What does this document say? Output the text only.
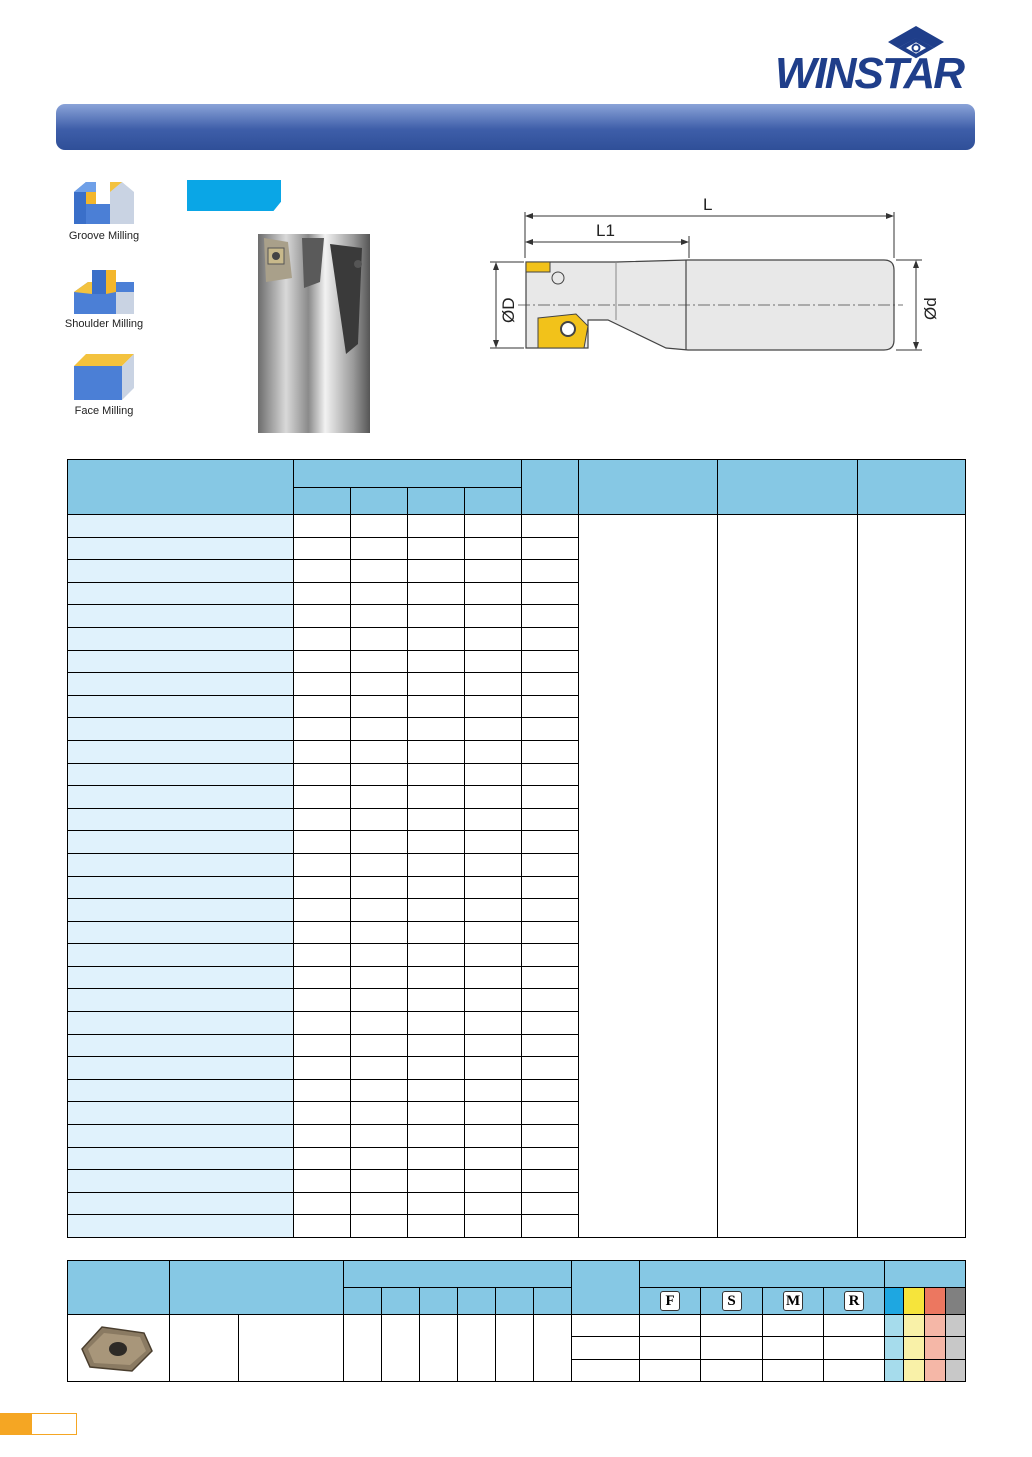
WINSTAR
Groove Milling
Shoulder Milling
Face Milling
L
L1
ØD	Ød

										F	S	M	R				
